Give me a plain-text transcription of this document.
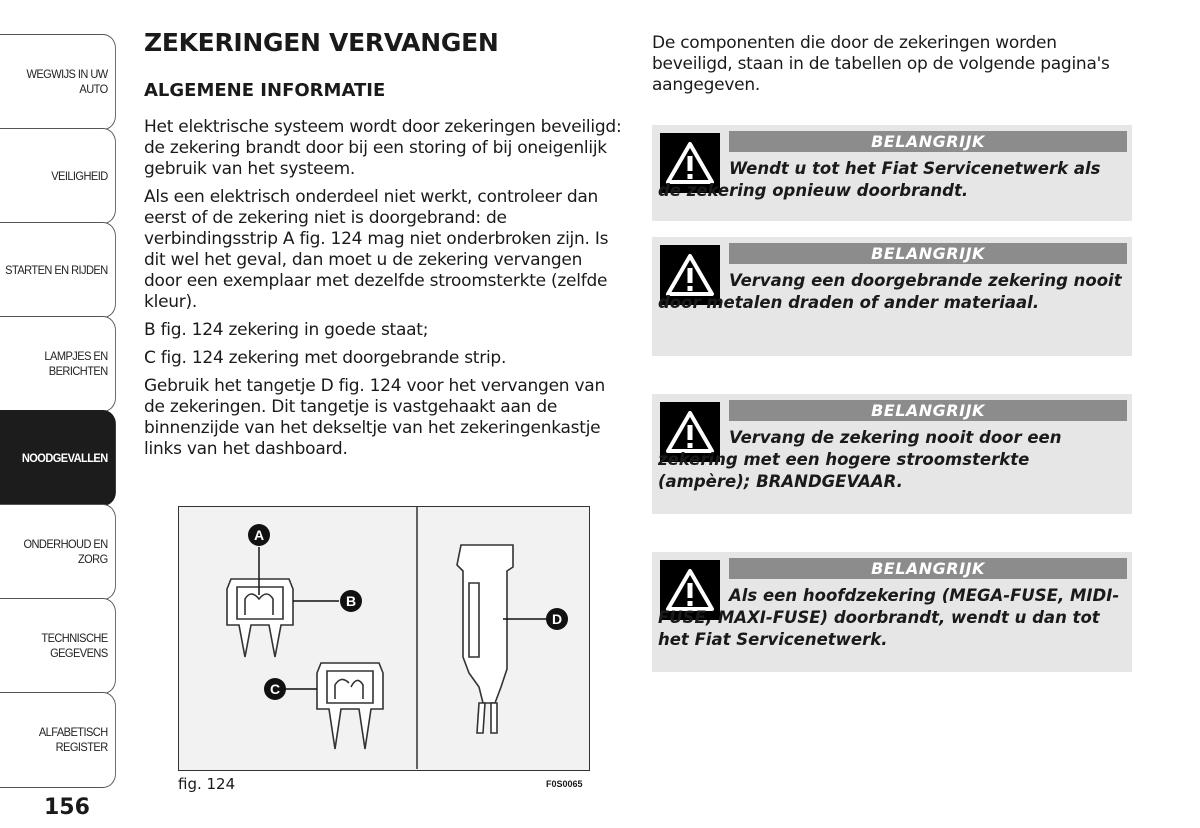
WEGWIJS IN UW
AUTO
VEILIGHEID
STARTEN EN RIJDEN
LAMPJES EN
BERICHTEN
NOODGEVALLEN
ONDERHOUD EN
ZORG
TECHNISCHE
GEGEVENS
ALFABETISCH
REGISTER
156
ZEKERINGEN VERVANGEN
ALGEMENE INFORMATIE

Het elektrische systeem wordt door zekeringen beveiligd: de zekering brandt door bij een storing of bij oneigenlijk gebruik van het systeem.

Als een elektrisch onderdeel niet werkt, controleer dan eerst of de zekering niet is doorgebrand: de verbindingsstrip A fig. 124 mag niet onderbroken zijn. Is dit wel het geval, dan moet u de zekering vervangen door een exemplaar met dezelfde stroomsterkte (zelfde kleur).

B fig. 124 zekering in goede staat;

C fig. 124 zekering met doorgebrande strip.

Gebruik het tangetje D fig. 124 voor het vervangen van de zekeringen. Dit tangetje is vastgehaakt aan de binnenzijde van het dekseltje van het zekeringenkastje links van het dashboard.

A
B
C
D
fig. 124	F0S0065
De componenten die door de zekeringen worden beveiligd, staan in de tabellen op de volgende pagina's aangegeven.
BELANGRIJK
Wendt u tot het Fiat Servicenetwerk als de zekering opnieuw doorbrandt.
BELANGRIJK
Vervang een doorgebrande zekering nooit door metalen draden of ander materiaal.
BELANGRIJK
Vervang de zekering nooit door een zekering met een hogere stroomsterkte (ampère); BRANDGEVAAR.
BELANGRIJK
Als een hoofdzekering (MEGA-FUSE, MIDI-FUSE, MAXI-FUSE) doorbrandt, wendt u dan tot het Fiat Servicenetwerk.
